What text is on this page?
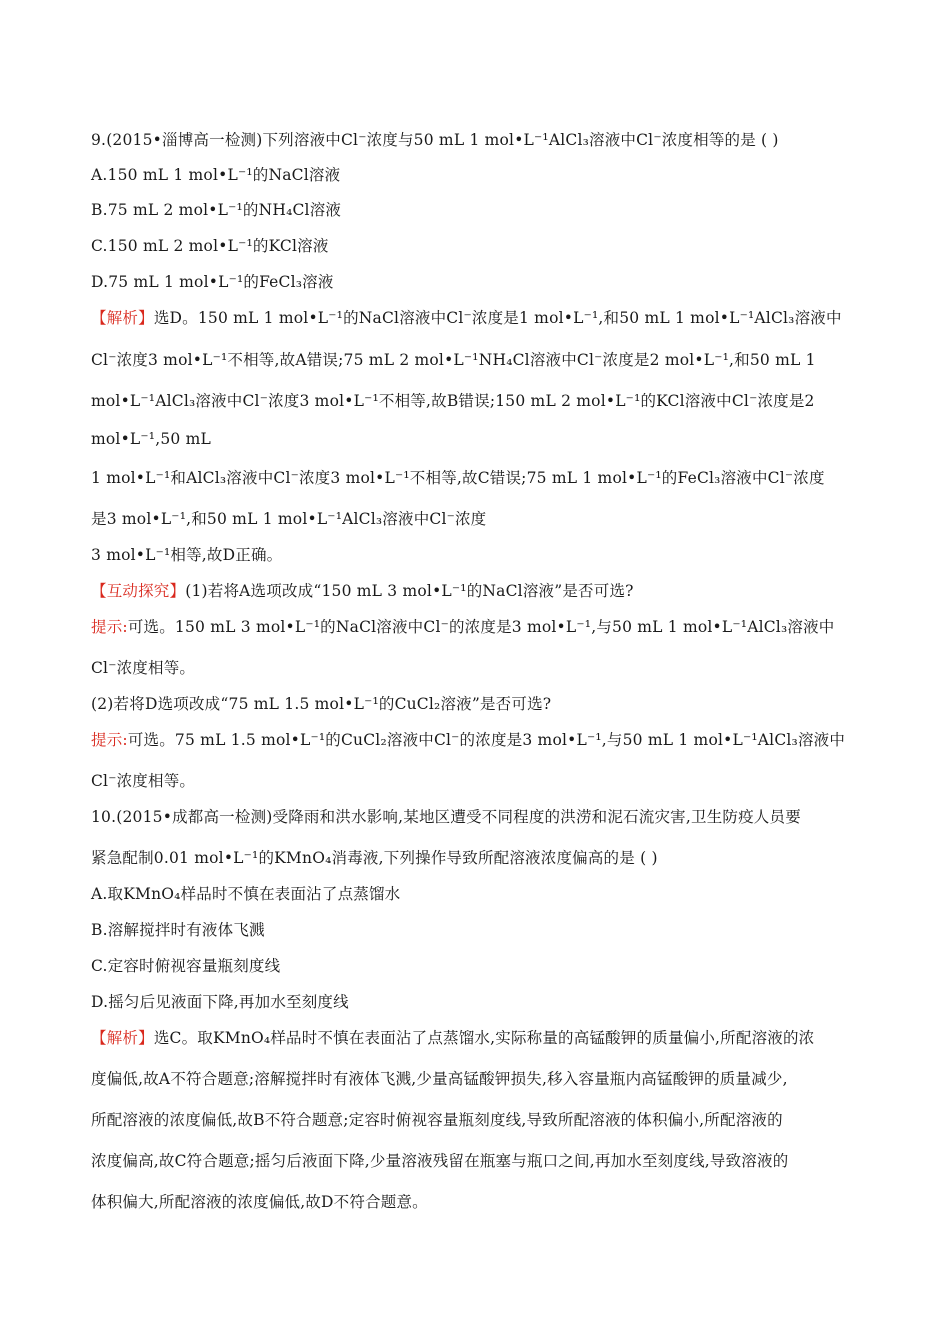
9.(2015•淄博高一检测)下列溶液中Cl⁻浓度与50 mL 1 mol•L⁻¹AlCl₃溶液中Cl⁻浓度相等的是 ( )
A.150 mL 1 mol•L⁻¹的NaCl溶液
B.75 mL 2 mol•L⁻¹的NH₄Cl溶液
C.150 mL 2 mol•L⁻¹的KCl溶液
D.75 mL 1 mol•L⁻¹的FeCl₃溶液
【解析】选D。150 mL 1 mol•L⁻¹的NaCl溶液中Cl⁻浓度是1 mol•L⁻¹,和50 mL 1 mol•L⁻¹AlCl₃溶液中
Cl⁻浓度3 mol•L⁻¹不相等,故A错误;75 mL 2 mol•L⁻¹NH₄Cl溶液中Cl⁻浓度是2 mol•L⁻¹,和50 mL 1
mol•L⁻¹AlCl₃溶液中Cl⁻浓度3 mol•L⁻¹不相等,故B错误;150 mL 2 mol•L⁻¹的KCl溶液中Cl⁻浓度是2
mol•L⁻¹,50 mL
1 mol•L⁻¹和AlCl₃溶液中Cl⁻浓度3 mol•L⁻¹不相等,故C错误;75 mL 1 mol•L⁻¹的FeCl₃溶液中Cl⁻浓度
是3 mol•L⁻¹,和50 mL 1 mol•L⁻¹AlCl₃溶液中Cl⁻浓度
3 mol•L⁻¹相等,故D正确。
【互动探究】(1)若将A选项改成“150 mL 3 mol•L⁻¹的NaCl溶液”是否可选?
提示:可选。150 mL 3 mol•L⁻¹的NaCl溶液中Cl⁻的浓度是3 mol•L⁻¹,与50 mL 1 mol•L⁻¹AlCl₃溶液中
Cl⁻浓度相等。
(2)若将D选项改成“75 mL 1.5 mol•L⁻¹的CuCl₂溶液”是否可选?
提示:可选。75 mL 1.5 mol•L⁻¹的CuCl₂溶液中Cl⁻的浓度是3 mol•L⁻¹,与50 mL 1 mol•L⁻¹AlCl₃溶液中
Cl⁻浓度相等。
10.(2015•成都高一检测)受降雨和洪水影响,某地区遭受不同程度的洪涝和泥石流灾害,卫生防疫人员要
紧急配制0.01 mol•L⁻¹的KMnO₄消毒液,下列操作导致所配溶液浓度偏高的是 ( )
A.取KMnO₄样品时不慎在表面沾了点蒸馏水
B.溶解搅拌时有液体飞溅
C.定容时俯视容量瓶刻度线
D.摇匀后见液面下降,再加水至刻度线
【解析】选C。取KMnO₄样品时不慎在表面沾了点蒸馏水,实际称量的高锰酸钾的质量偏小,所配溶液的浓
度偏低,故A不符合题意;溶解搅拌时有液体飞溅,少量高锰酸钾损失,移入容量瓶内高锰酸钾的质量减少,
所配溶液的浓度偏低,故B不符合题意;定容时俯视容量瓶刻度线,导致所配溶液的体积偏小,所配溶液的
浓度偏高,故C符合题意;摇匀后液面下降,少量溶液残留在瓶塞与瓶口之间,再加水至刻度线,导致溶液的
体积偏大,所配溶液的浓度偏低,故D不符合题意。
